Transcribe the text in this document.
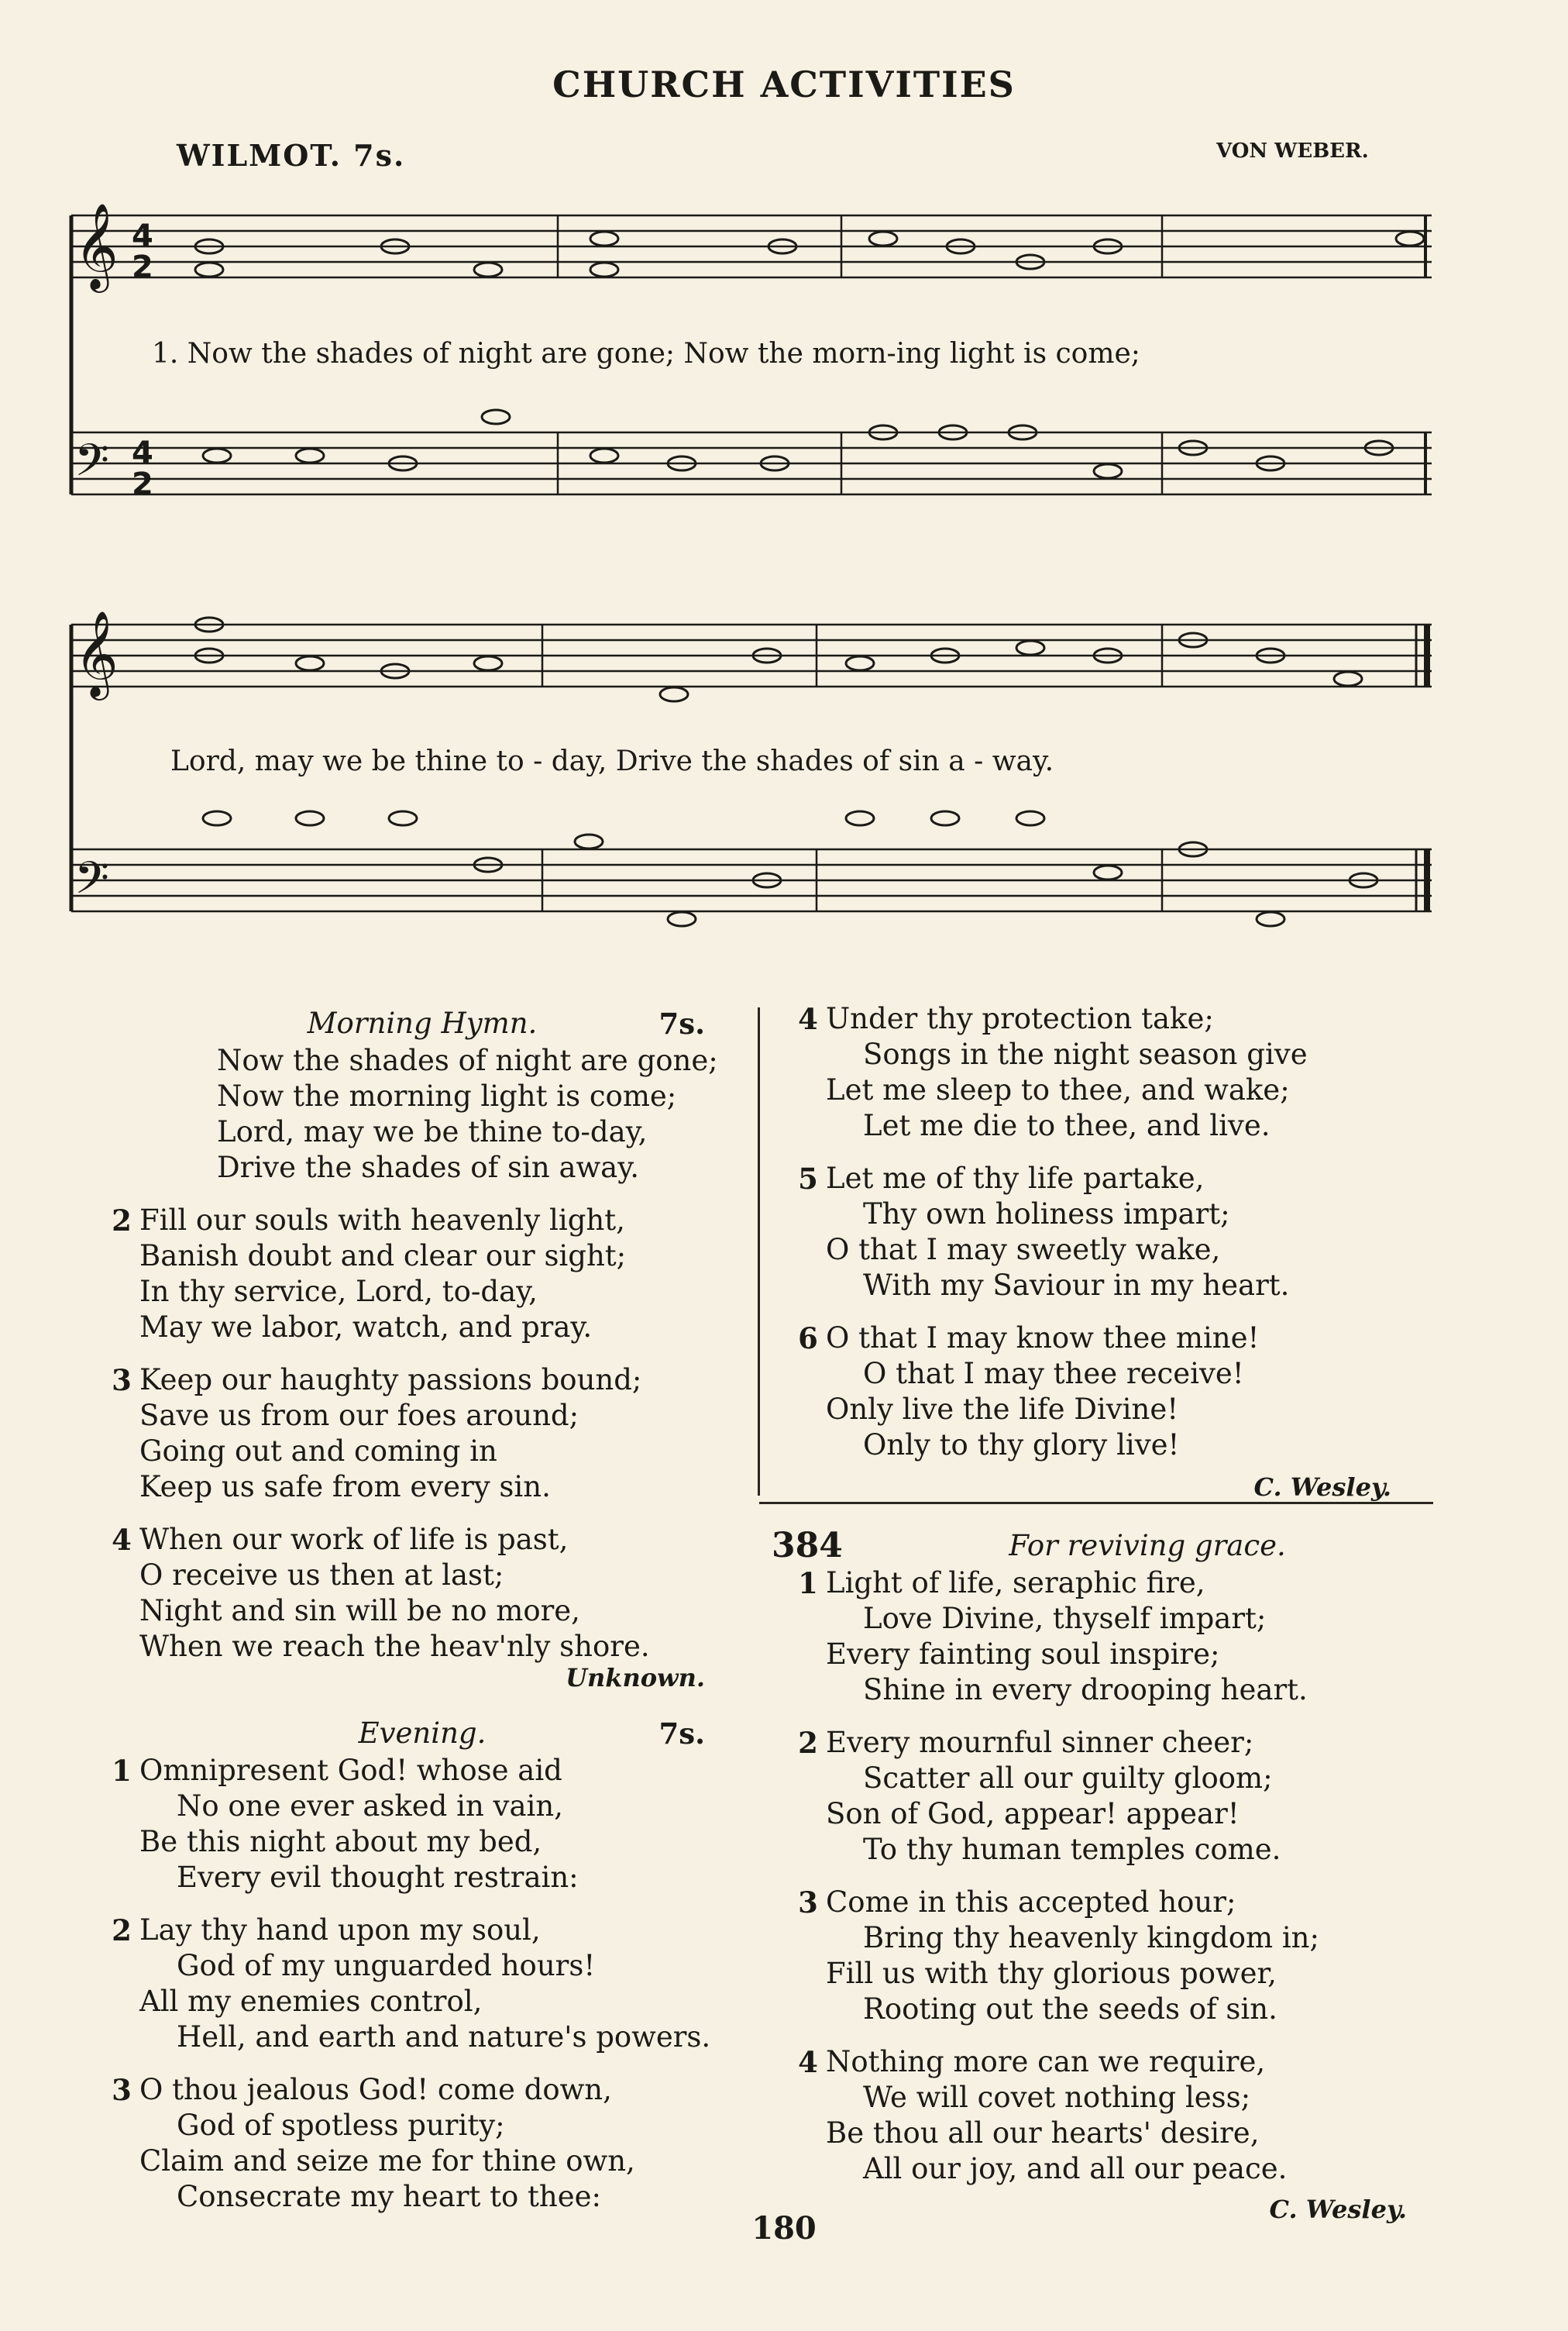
CHURCH ACTIVITIES
WILMOT. 7s.	VON WEBER.
𝄞
𝄢
𝄞
𝄢
4
2
4
2
1. Now the shades of night are gone; Now the morn-ing light is come;
Lord, may we be thine to - day, Drive the shades of sin a - way.
Morning Hymn.	7s.
Now the shades of night are gone;
Now the morning light is come;
Lord, may we be thine to-day,
Drive the shades of sin away.
2 Fill our souls with heavenly light,
Banish doubt and clear our sight;
In thy service, Lord, to-day,
May we labor, watch, and pray.
3 Keep our haughty passions bound;
Save us from our foes around;
Going out and coming in
Keep us safe from every sin.
4 When our work of life is past,
O receive us then at last;
Night and sin will be no more,
When we reach the heav'nly shore.
Unknown.
Evening.	7s.
1 Omnipresent God! whose aid
No one ever asked in vain,
Be this night about my bed,
Every evil thought restrain:
2 Lay thy hand upon my soul,
God of my unguarded hours!
All my enemies control,
Hell, and earth and nature's powers.
3 O thou jealous God! come down,
God of spotless purity;
Claim and seize me for thine own,
Consecrate my heart to thee:
4 Under thy protection take;
Songs in the night season give
Let me sleep to thee, and wake;
Let me die to thee, and live.
5 Let me of thy life partake,
Thy own holiness impart;
O that I may sweetly wake,
With my Saviour in my heart.
6 O that I may know thee mine!
O that I may thee receive!
Only live the life Divine!
Only to thy glory live!
C. Wesley.
384	For reviving grace.
1 Light of life, seraphic fire,
Love Divine, thyself impart;
Every fainting soul inspire;
Shine in every drooping heart.
2 Every mournful sinner cheer;
Scatter all our guilty gloom;
Son of God, appear! appear!
To thy human temples come.
3 Come in this accepted hour;
Bring thy heavenly kingdom in;
Fill us with thy glorious power,
Rooting out the seeds of sin.
4 Nothing more can we require,
We will covet nothing less;
Be thou all our hearts' desire,
All our joy, and all our peace.
C. Wesley.
180
